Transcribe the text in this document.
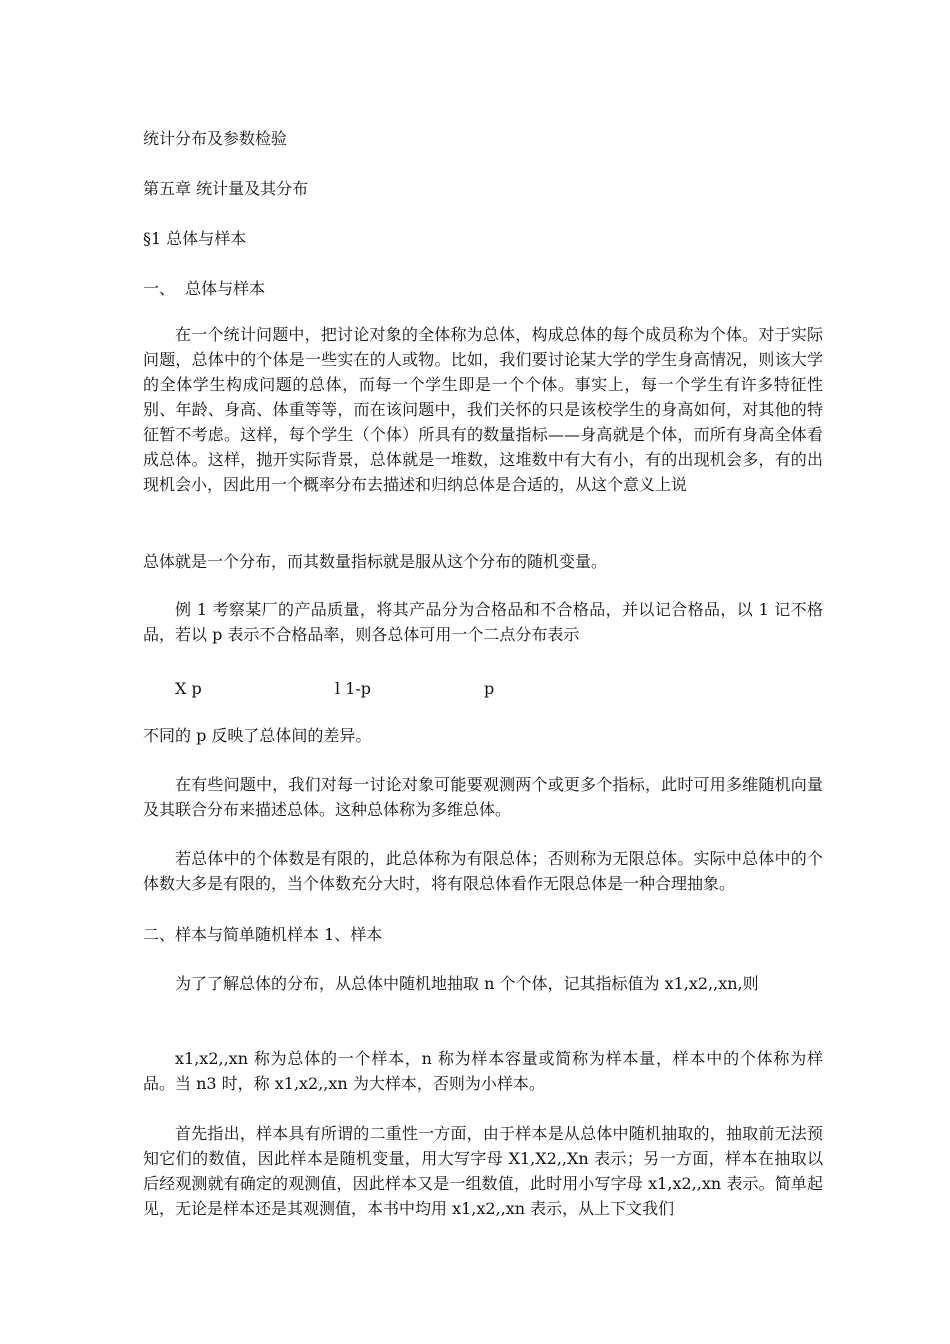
统计分布及参数检验
第五章 统计量及其分布
§1 总体与样本
一、  总体与样本
在一个统计问题中，把讨论对象的全体称为总体，构成总体的每个成员称为个体。对于实际问题，总体中的个体是一些实在的人或物。比如，我们要讨论某大学的学生身高情况，则该大学的全体学生构成问题的总体，而每一个学生即是一个个体。事实上，每一个学生有许多特征性别、年龄、身高、体重等等，而在该问题中，我们关怀的只是该校学生的身高如何，对其他的特征暂不考虑。这样，每个学生（个体）所具有的数量指标——身高就是个体，而所有身高全体看成总体。这样，抛开实际背景，总体就是一堆数，这堆数中有大有小，有的出现机会多，有的出现机会小，因此用一个概率分布去描述和归纳总体是合适的，从这个意义上说
总体就是一个分布，而其数量指标就是服从这个分布的随机变量。
例 1 考察某厂的产品质量，将其产品分为合格品和不合格品，并以记合格品，以 1 记不格品，若以 p 表示不合格品率，则各总体可用一个二点分布表示
X p	l 1-p	p
不同的 p 反映了总体间的差异。
在有些问题中，我们对每一讨论对象可能要观测两个或更多个指标，此时可用多维随机向量及其联合分布来描述总体。这种总体称为多维总体。
若总体中的个体数是有限的，此总体称为有限总体；否则称为无限总体。实际中总体中的个体数大多是有限的，当个体数充分大时，将有限总体看作无限总体是一种合理抽象。
二、样本与简单随机样本 1、样本
为了了解总体的分布，从总体中随机地抽取 n 个个体，记其指标值为 x1,x2,,xn,则
x1,x2,,xn 称为总体的一个样本，n 称为样本容量或简称为样本量，样本中的个体称为样品。当 n3 时，称 x1,x2,,xn 为大样本，否则为小样本。
首先指出，样本具有所谓的二重性一方面，由于样本是从总体中随机抽取的，抽取前无法预知它们的数值，因此样本是随机变量，用大写字母 X1,X2,,Xn 表示；另一方面，样本在抽取以后经观测就有确定的观测值，因此样本又是一组数值，此时用小写字母 x1,x2,,xn 表示。简单起见，无论是样本还是其观测值，本书中均用 x1,x2,,xn 表示，从上下文我们
